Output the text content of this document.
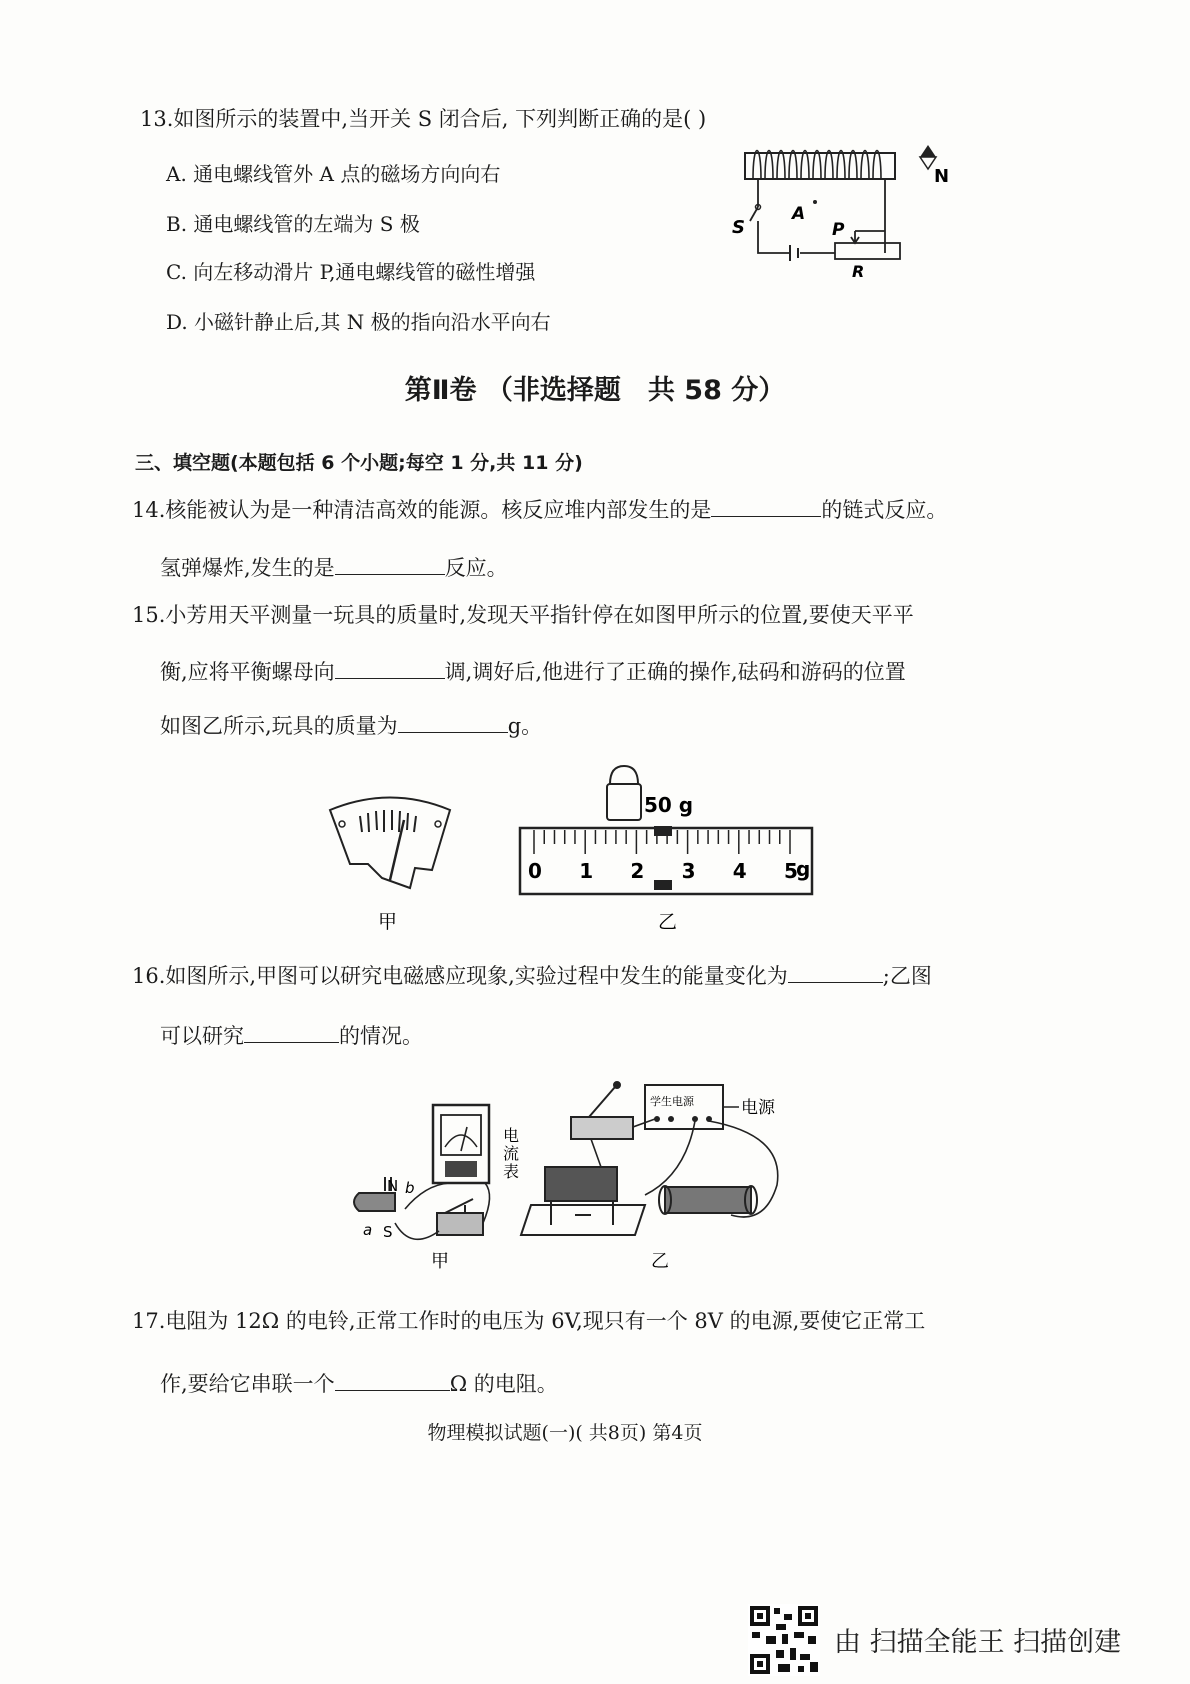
13.如图所示的装置中,当开关 S 闭合后, 下列判断正确的是( )
A. 通电螺线管外 A 点的磁场方向向右
B. 通电螺线管的左端为 S 极
C. 向左移动滑片 P,通电螺线管的磁性增强
D. 小磁针静止后,其 N 极的指向沿水平向右
S
A
P
R
N
第Ⅱ卷 （非选择题　共 58 分）
三、填空题(本题包括 6 个小题;每空 1 分,共 11 分)
14.核能被认为是一种清洁高效的能源。核反应堆内部发生的是	的链式反应。
氢弹爆炸,发生的是	反应。
15.小芳用天平测量一玩具的质量时,发现天平指针停在如图甲所示的位置,要使天平平
衡,应将平衡螺母向	调,调好后,他进行了正确的操作,砝码和游码的位置
如图乙所示,玩具的质量为	g。
甲
50 g
0 1 2 3 4 5
g
乙
16.如图所示,甲图可以研究电磁感应现象,实验过程中发生的能量变化为	;乙图
可以研究	的情况。
电
流
表
N b
a S
甲
学生电源	电源
乙
17.电阻为 12Ω 的电铃,正常工作时的电压为 6V,现只有一个 8V 的电源,要使它正常工
作,要给它串联一个	Ω 的电阻。
物理模拟试题(一)( 共8页) 第4页
由 扫描全能王 扫描创建
